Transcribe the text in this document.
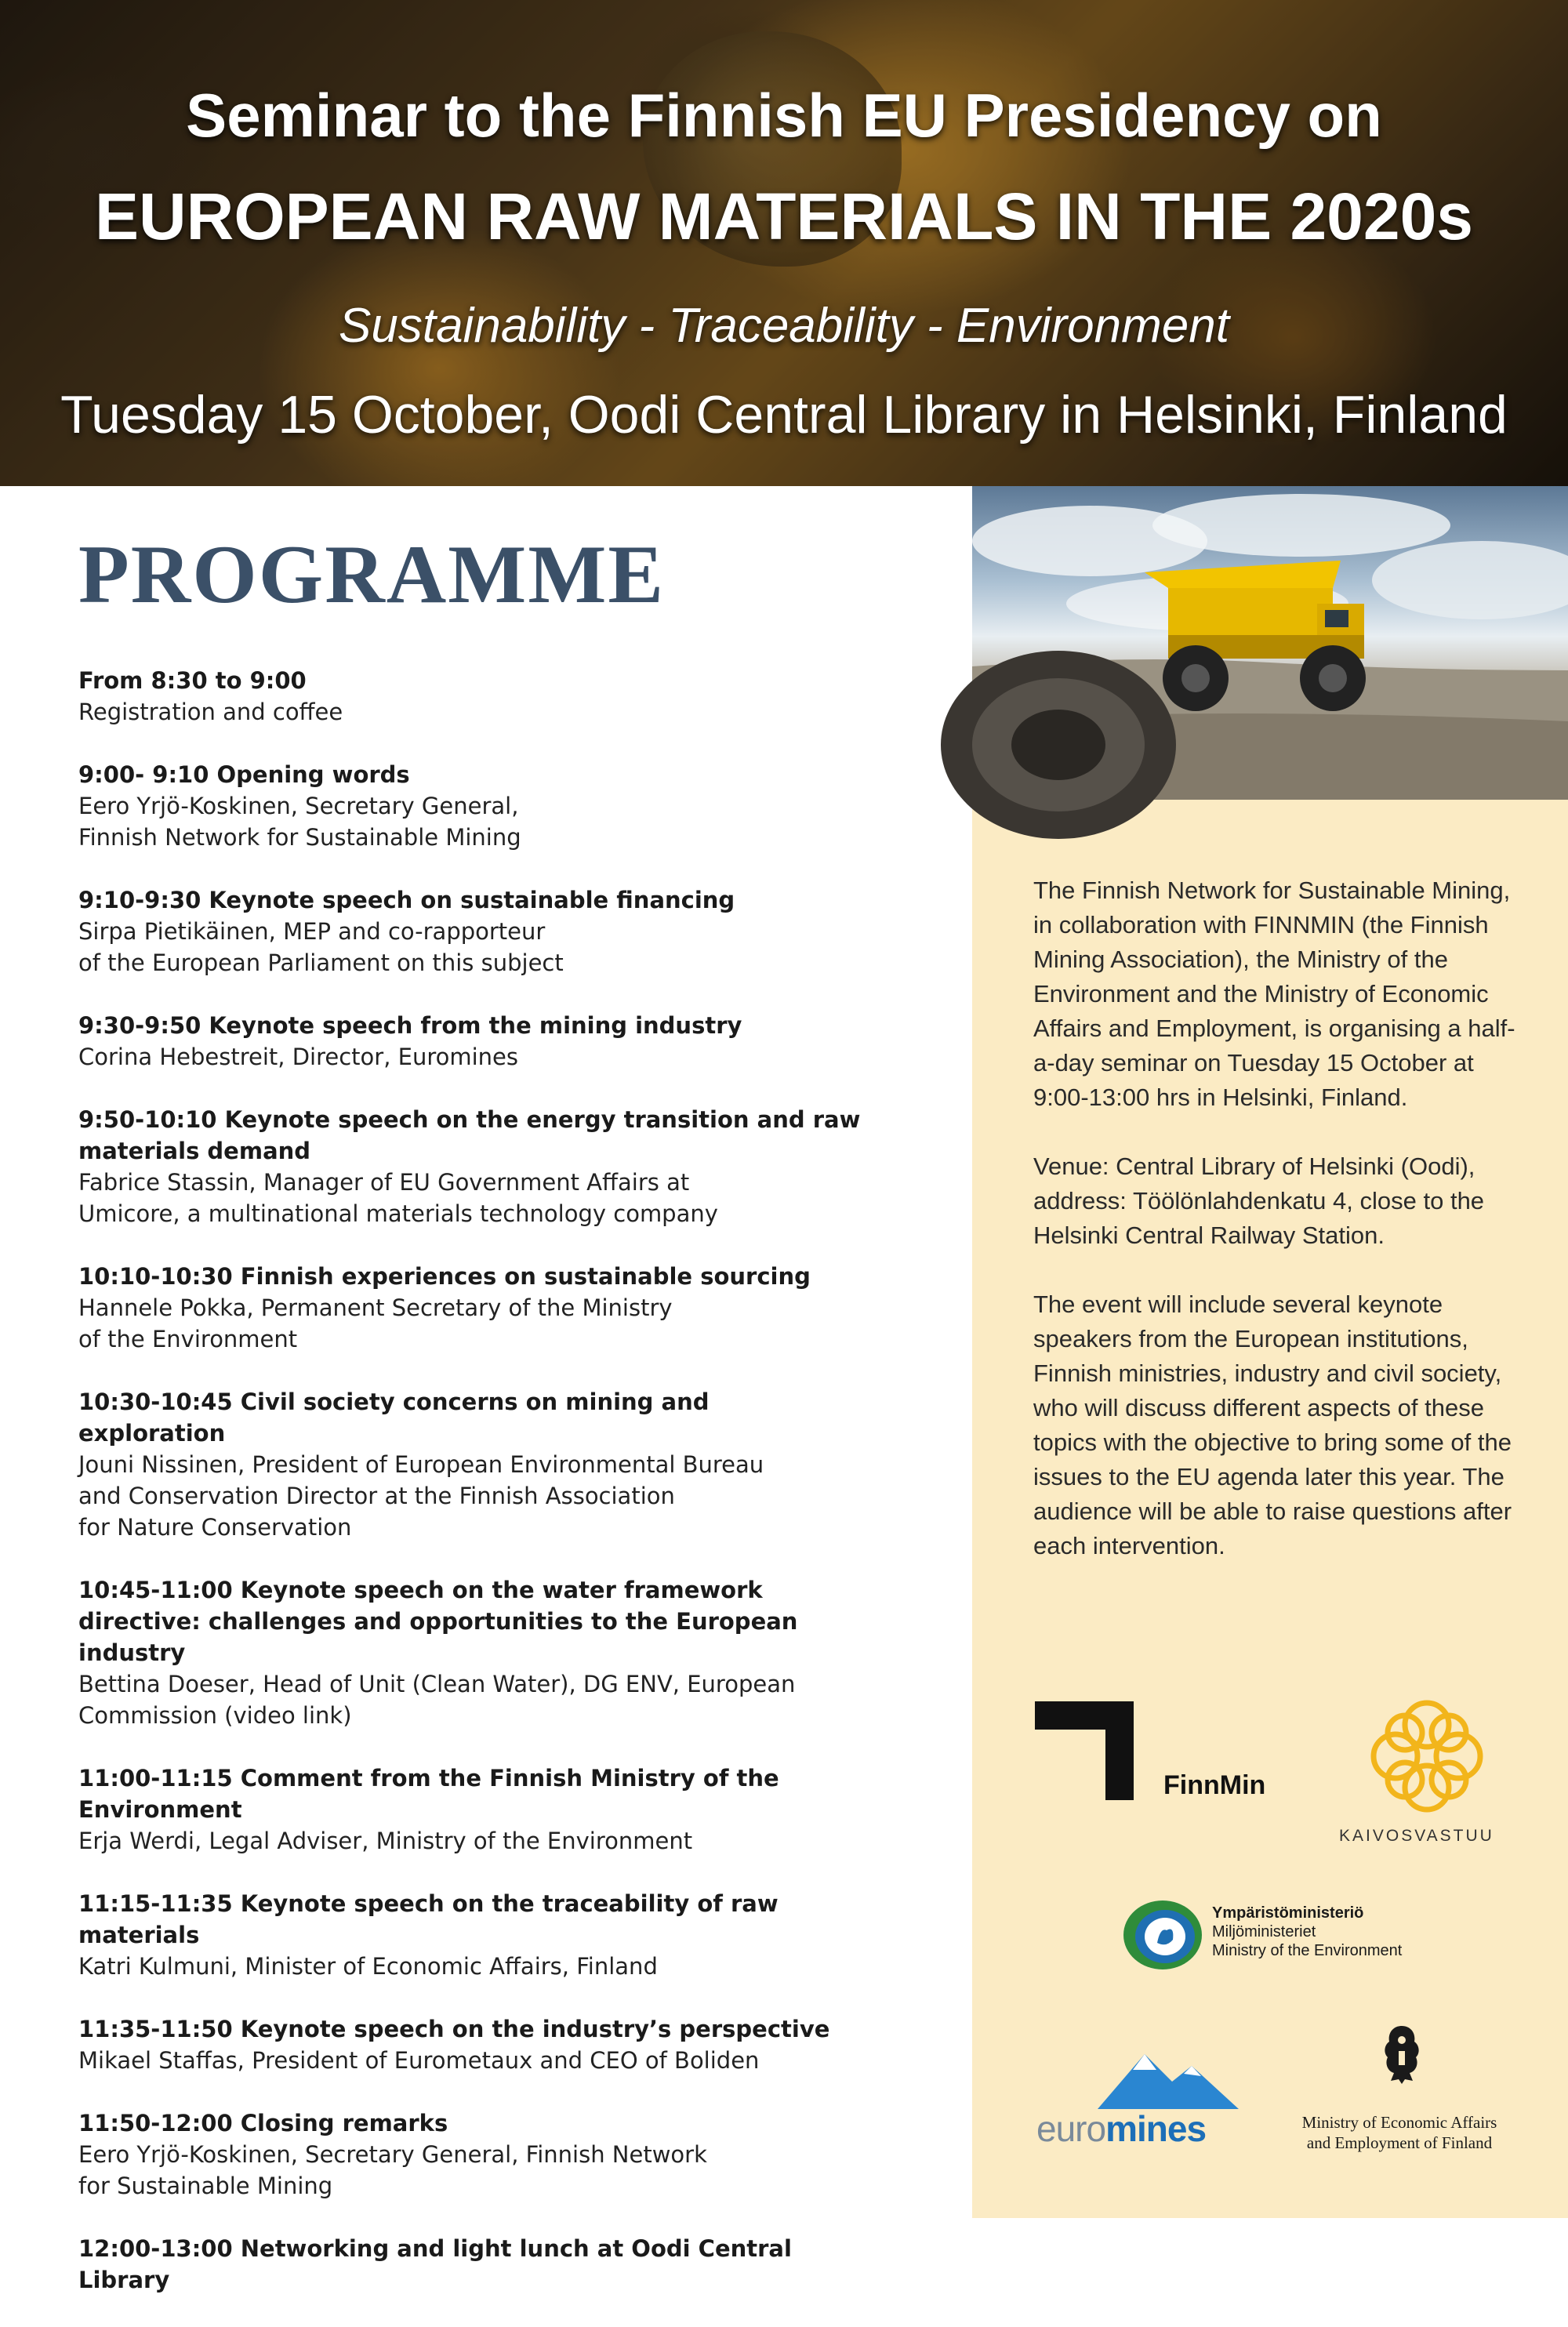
Seminar to the Finnish EU Presidency on
EUROPEAN RAW MATERIALS IN THE 2020s
Sustainability - Traceability - Environment
Tuesday 15 October, Oodi Central Library in Helsinki, Finland

The Finnish Network for Sustainable Mining, in collaboration with FINNMIN (the Finnish Mining Association), the Ministry of the Environment and the Ministry of Economic Affairs and Employment, is organising a half-a-day seminar on Tuesday 15 October at 9:00-13:00 hrs in Helsinki, Finland.

Venue: Central Library of Helsinki (Oodi), address: Töölönlahdenkatu 4, close to the Helsinki Central Railway Station.

The event will include several keynote speakers from the European institutions, Finnish ministries, industry and civil society, who will discuss different aspects of these topics with the objective to bring some of the issues to the EU agenda later this year. The audience will be able to raise questions after each intervention.

FinnMin
KAIVOSVASTUU
Ympäristöministeriö
Miljöministeriet
Ministry of the Environment
euromines	Ministry of Economic Affairs
and Employment of Finland
PROGRAMME
From 8:30 to 9:00
Registration and coffee
9:00- 9:10 Opening words
Eero Yrjö-Koskinen, Secretary General,
Finnish Network for Sustainable Mining
9:10-9:30 Keynote speech on sustainable financing
Sirpa Pietikäinen, MEP and co-rapporteur
of the European Parliament on this subject
9:30-9:50 Keynote speech from the mining industry
Corina Hebestreit, Director, Euromines
9:50-10:10 Keynote speech on the energy transition and raw materials demand
Fabrice Stassin, Manager of EU Government Affairs at
Umicore, a multinational materials technology company
10:10-10:30 Finnish experiences on sustainable sourcing
Hannele Pokka, Permanent Secretary of the Ministry
of the Environment
10:30-10:45 Civil society concerns on mining and exploration
Jouni Nissinen, President of European Environmental Bureau
and Conservation Director at the Finnish Association
for Nature Conservation
10:45-11:00 Keynote speech on the water framework directive: challenges and opportunities to the European industry
Bettina Doeser, Head of Unit (Clean Water), DG ENV, European
Commission (video link)
11:00-11:15 Comment from the Finnish Ministry of the Environment
Erja Werdi, Legal Adviser, Ministry of the Environment
11:15-11:35 Keynote speech on the traceability of raw materials
Katri Kulmuni, Minister of Economic Affairs, Finland
11:35-11:50 Keynote speech on the industry’s perspective
Mikael Staffas, President of Eurometaux and CEO of Boliden
11:50-12:00 Closing remarks
Eero Yrjö-Koskinen, Secretary General, Finnish Network
for Sustainable Mining
12:00-13:00 Networking and light lunch at Oodi Central Library
